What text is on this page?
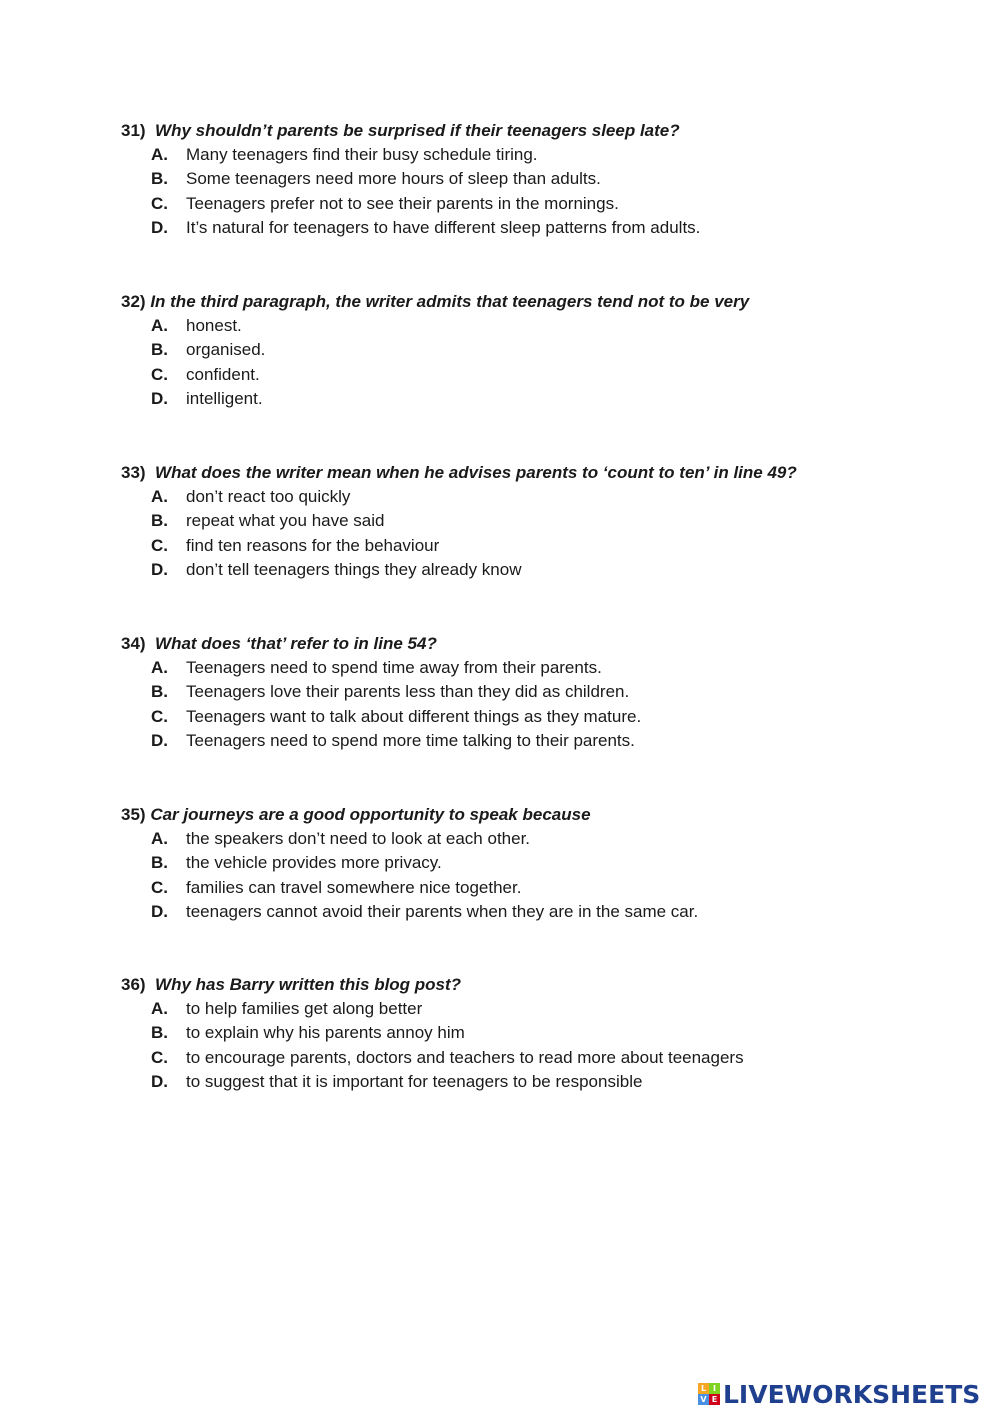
31) Why shouldn’t parents be surprised if their teenagers sleep late?
A. Many teenagers find their busy schedule tiring.
B. Some teenagers need more hours of sleep than adults.
C. Teenagers prefer not to see their parents in the mornings.
D. It’s natural for teenagers to have different sleep patterns from adults.
32) In the third paragraph, the writer admits that teenagers tend not to be very
A. honest.
B. organised.
C. confident.
D. intelligent.
33) What does the writer mean when he advises parents to ‘count to ten’ in line 49?
A. don’t react too quickly
B. repeat what you have said
C. find ten reasons for the behaviour
D. don’t tell teenagers things they already know
34) What does ‘that’ refer to in line 54?
A. Teenagers need to spend time away from their parents.
B. Teenagers love their parents less than they did as children.
C. Teenagers want to talk about different things as they mature.
D. Teenagers need to spend more time talking to their parents.
35) Car journeys are a good opportunity to speak because
A. the speakers don’t need to look at each other.
B. the vehicle provides more privacy.
C. families can travel somewhere nice together.
D. teenagers cannot avoid their parents when they are in the same car.
36) Why has Barry written this blog post?
A. to help families get along better
B. to explain why his parents annoy him
C. to encourage parents, doctors and teachers to read more about teenagers
D. to suggest that it is important for teenagers to be responsible
L I
V E LIVEWORKSHEETS
